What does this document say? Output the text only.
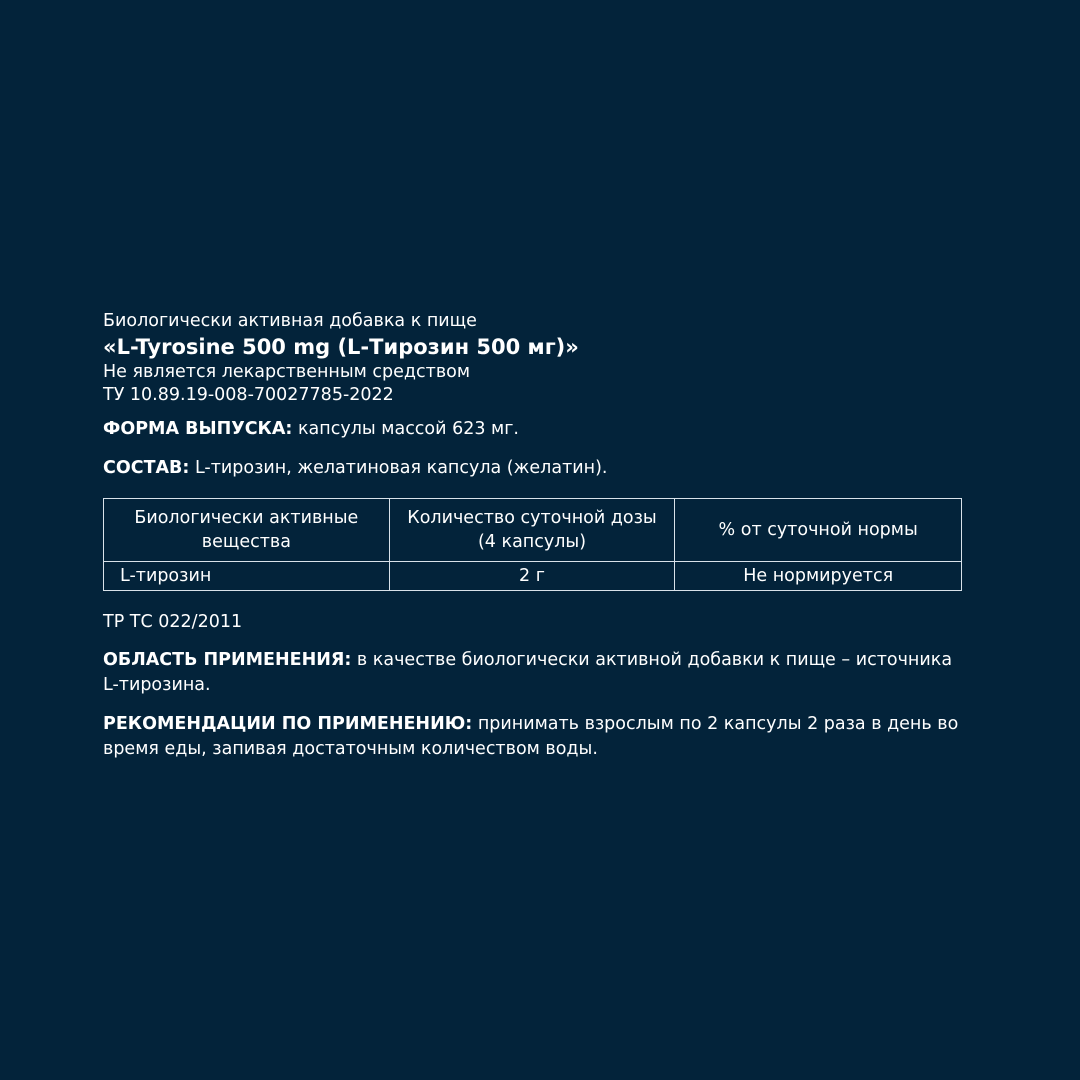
Биологически активная добавка к пище
«L-Tyrosine 500 mg (L-Тирозин 500 мг)»
Не является лекарственным средством
ТУ 10.89.19-008-70027785-2022
ФОРМА ВЫПУСКА: капсулы массой 623 мг.
СОСТАВ: L-тирозин, желатиновая капсула (желатин).
Биологически активные вещества	Количество суточной дозы (4 капсулы)	% от суточной нормы
L-тирозин	2 г	Не нормируется
ТР ТС 022/2011
ОБЛАСТЬ ПРИМЕНЕНИЯ: в качестве биологически активной добавки к пище – источника L-тирозина.
РЕКОМЕНДАЦИИ ПО ПРИМЕНЕНИЮ: принимать взрослым по 2 капсулы 2 раза в день во время еды, запивая достаточным количеством воды.
